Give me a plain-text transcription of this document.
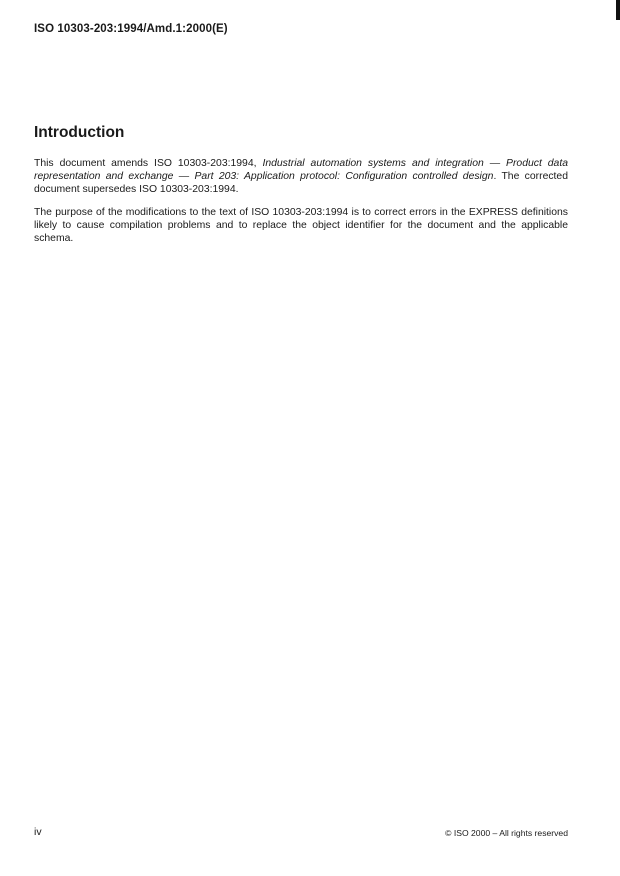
ISO 10303-203:1994/Amd.1:2000(E)
Introduction

This document amends ISO 10303-203:1994, Industrial automation systems and integration — Product data representation and exchange — Part 203: Application protocol: Configuration controlled design. The corrected document supersedes ISO 10303-203:1994.

The purpose of the modifications to the text of ISO 10303-203:1994 is to correct errors in the EXPRESS definitions likely to cause compilation problems and to replace the object identifier for the document and the applicable schema.

iv	© ISO 2000 – All rights reserved
